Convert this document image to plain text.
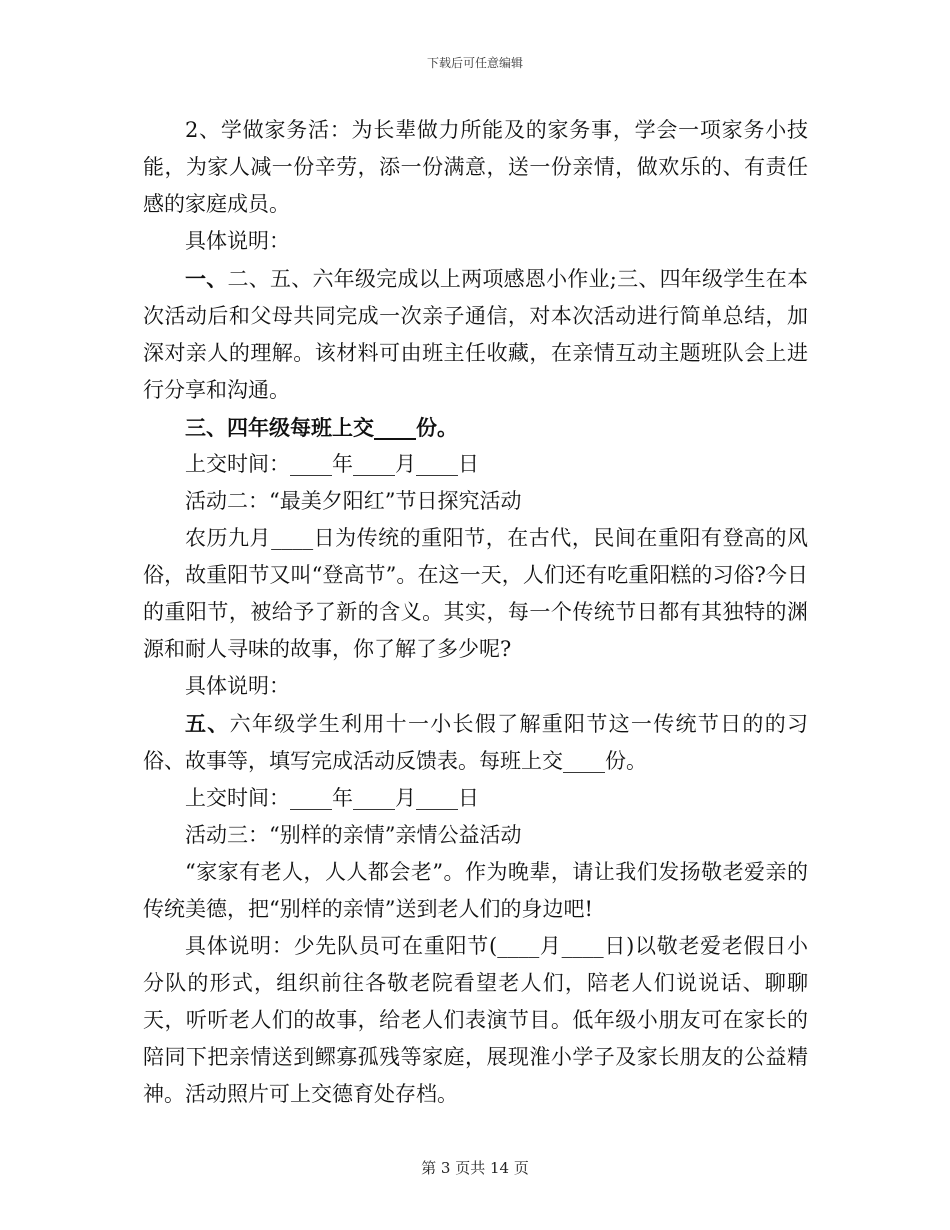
下载后可任意编辑

2、学做家务活：为长辈做力所能及的家务事，学会一项家务小技能，为家人减一份辛劳，添一份满意，送一份亲情，做欢乐的、有责任感的家庭成员。

具体说明：

一、二、五、六年级完成以上两项感恩小作业;三、四年级学生在本次活动后和父母共同完成一次亲子通信，对本次活动进行简单总结，加深对亲人的理解。该材料可由班主任收藏，在亲情互动主题班队会上进行分享和沟通。

三、四年级每班上交____份。

上交时间：____年____月____日

活动二：“最美夕阳红”节日探究活动

农历九月____日为传统的重阳节，在古代，民间在重阳有登高的风俗，故重阳节又叫“登高节”。在这一天，人们还有吃重阳糕的习俗?今日的重阳节，被给予了新的含义。其实，每一个传统节日都有其独特的渊源和耐人寻味的故事，你了解了多少呢?

具体说明：

五、六年级学生利用十一小长假了解重阳节这一传统节日的的习俗、故事等，填写完成活动反馈表。每班上交____份。

上交时间：____年____月____日

活动三：“别样的亲情”亲情公益活动

“家家有老人，人人都会老”。作为晚辈，请让我们发扬敬老爱亲的传统美德，把“别样的亲情”送到老人们的身边吧!

具体说明：少先队员可在重阳节(____月____日)以敬老爱老假日小分队的形式，组织前往各敬老院看望老人们，陪老人们说说话、聊聊天，听听老人们的故事，给老人们表演节目。低年级小朋友可在家长的陪同下把亲情送到鳏寡孤残等家庭，展现淮小学子及家长朋友的公益精神。活动照片可上交德育处存档。

第 3 页共 14 页
